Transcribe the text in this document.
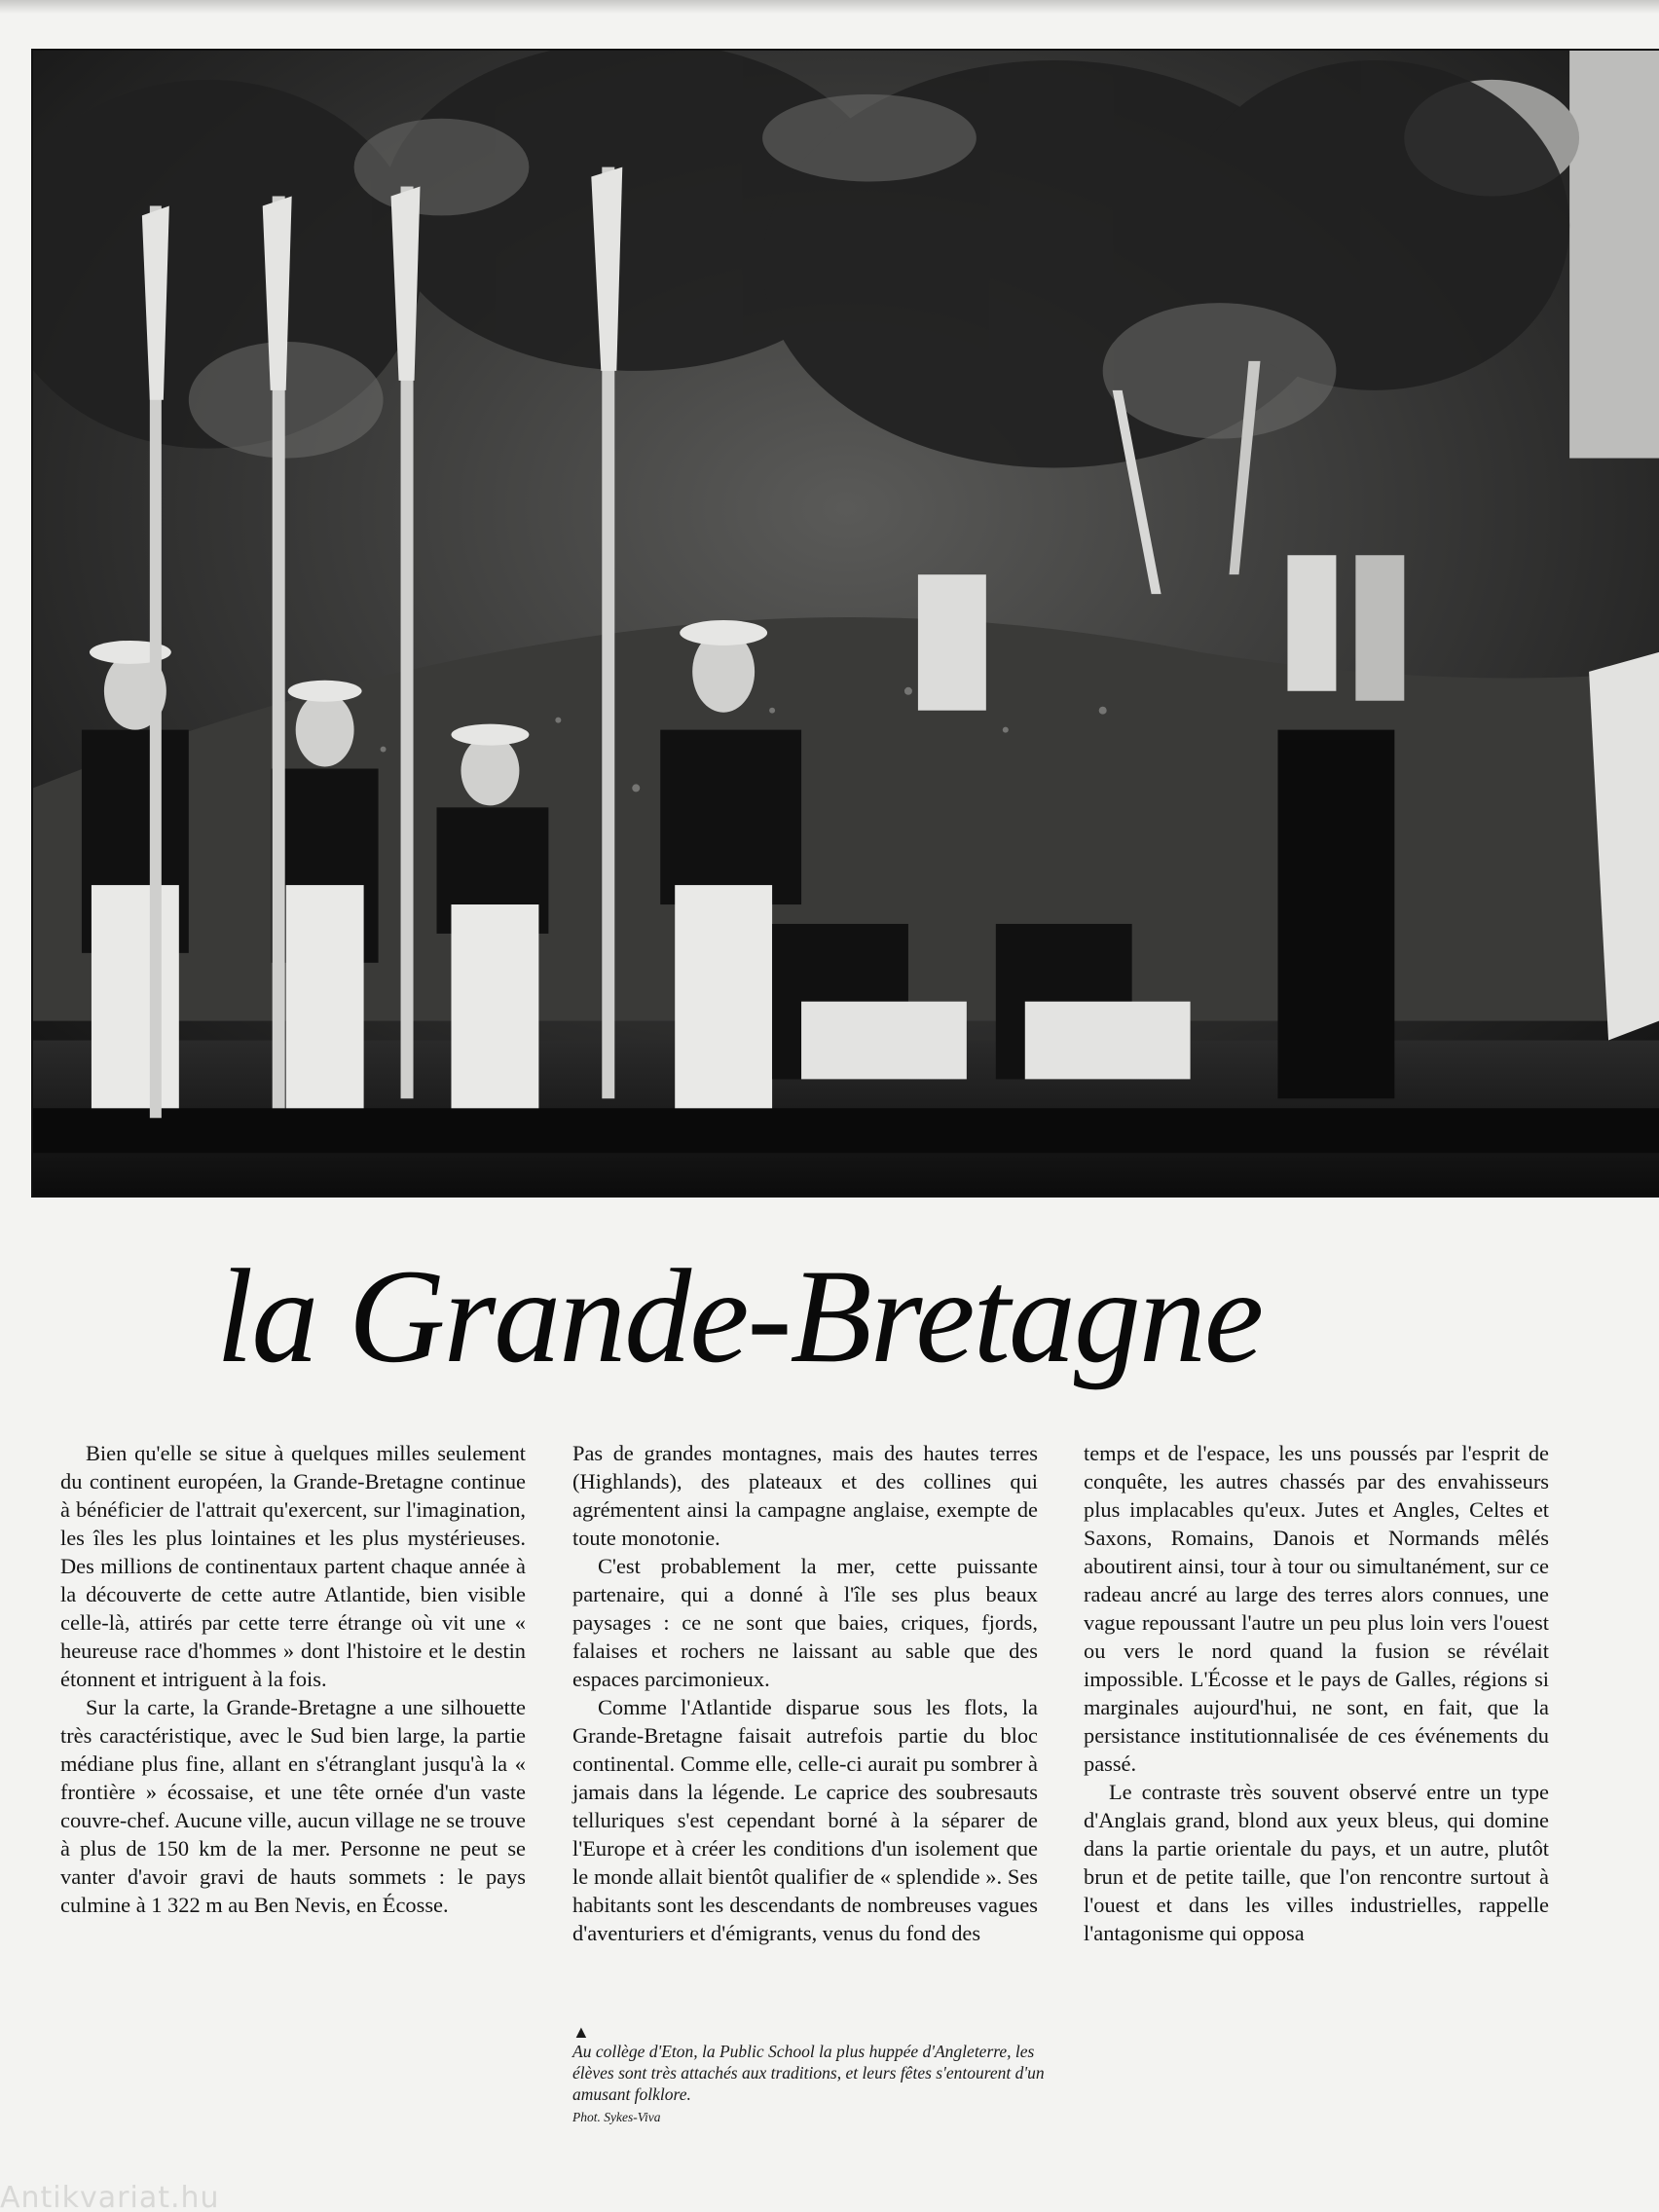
la Grande-Bretagne

Bien qu'elle se situe à quelques milles seulement du continent européen, la Grande-Bretagne continue à bénéficier de l'attrait qu'exercent, sur l'imagination, les îles les plus lointaines et les plus mystérieuses. Des millions de continentaux partent chaque année à la découverte de cette autre Atlantide, bien visible celle-là, attirés par cette terre étrange où vit une « heureuse race d'hommes » dont l'histoire et le destin étonnent et intriguent à la fois.

Sur la carte, la Grande-Bretagne a une silhouette très caractéristique, avec le Sud bien large, la partie médiane plus fine, allant en s'étranglant jusqu'à la « frontière » écossaise, et une tête ornée d'un vaste couvre-chef. Aucune ville, aucun village ne se trouve à plus de 150 km de la mer. Personne ne peut se vanter d'avoir gravi de hauts sommets : le pays culmine à 1 322 m au Ben Nevis, en Écosse.

Pas de grandes montagnes, mais des hautes terres (Highlands), des plateaux et des collines qui agrémentent ainsi la campagne anglaise, exempte de toute monotonie.

C'est probablement la mer, cette puissante partenaire, qui a donné à l'île ses plus beaux paysages : ce ne sont que baies, criques, fjords, falaises et rochers ne laissant au sable que des espaces parcimonieux.

Comme l'Atlantide disparue sous les flots, la Grande-Bretagne faisait autrefois partie du bloc continental. Comme elle, celle-ci aurait pu sombrer à jamais dans la légende. Le caprice des soubresauts telluriques s'est cependant borné à la séparer de l'Europe et à créer les conditions d'un isolement que le monde allait bientôt qualifier de « splendide ». Ses habitants sont les descendants de nombreuses vagues d'aventuriers et d'émigrants, venus du fond des

temps et de l'espace, les uns poussés par l'esprit de conquête, les autres chassés par des envahisseurs plus implacables qu'eux. Jutes et Angles, Celtes et Saxons, Romains, Danois et Normands mêlés aboutirent ainsi, tour à tour ou simultanément, sur ce radeau ancré au large des terres alors connues, une vague repoussant l'autre un peu plus loin vers l'ouest ou vers le nord quand la fusion se révélait impossible. L'Écosse et le pays de Galles, régions si marginales aujourd'hui, ne sont, en fait, que la persistance institutionnalisée de ces événements du passé.

Le contraste très souvent observé entre un type d'Anglais grand, blond aux yeux bleus, qui domine dans la partie orientale du pays, et un autre, plutôt brun et de petite taille, que l'on rencontre surtout à l'ouest et dans les villes industrielles, rappelle l'antagonisme qui opposa

▲
Au collège d'Eton, la Public School la plus huppée d'Angleterre, les élèves sont très attachés aux traditions, et leurs fêtes s'entourent d'un amusant folklore.
Phot. Sykes-Viva
Antikvariat.hu
